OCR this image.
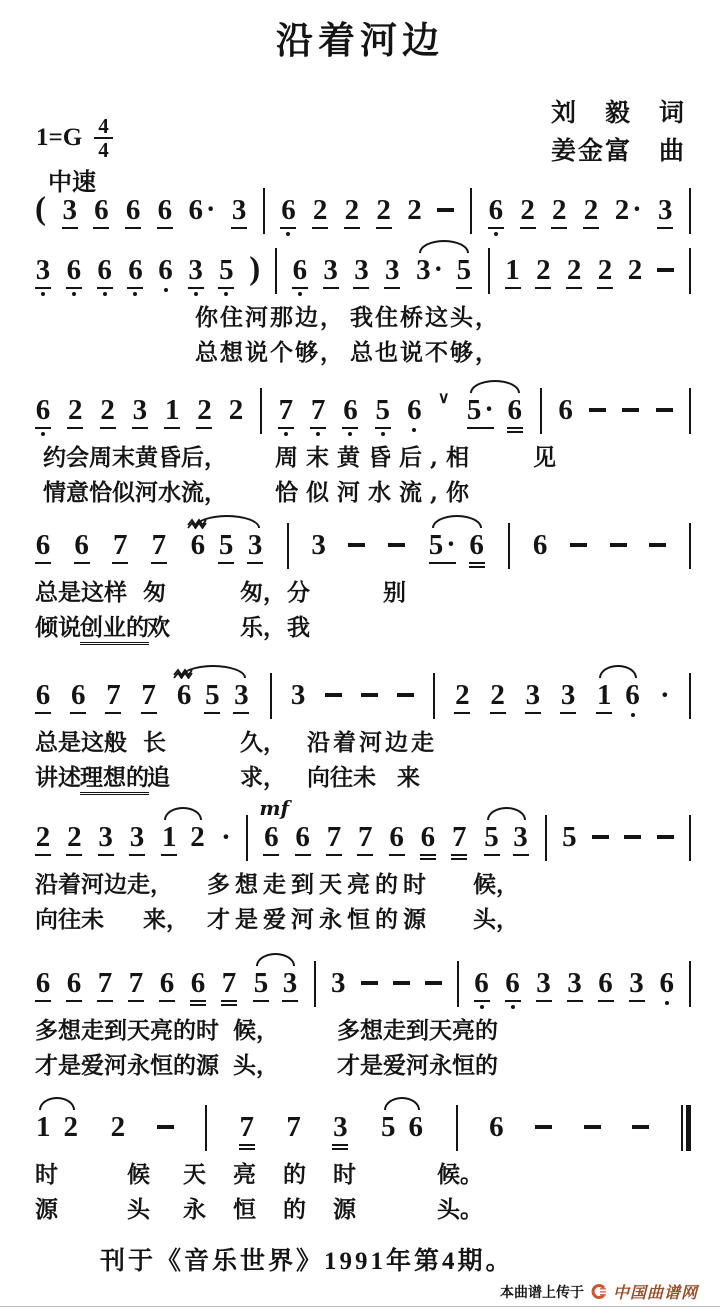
沿着河边
刘　毅　词
姜金富　曲
$1=G \frac{4}{4}$
中速
( 3 6 6 6 6 · 3 6 2 2 2 2 6 2 2 2 2 · 3
3 6 6 6 6 3 5 ) 6 3 3 3 3 · 5 1 2 2 2 2
你住河那边， 我住桥这头，
总想说个够， 总也说不够，
6 2 2 3 1 2 2 7 7 6 5 6 ∨ 5 · 6 6
约会周末黄昏后， 周末黄昏后,相 见
情意恰似河水流， 恰似河水流,你
6 6 7 7 6 5 3 3	5 · 6 6
总是这样 匆	匆， 分	别
倾说 创业的
欢	乐， 我
6 6 7 7 6 5 3 3	2 2 3 3 1 6 ·
总是这般 长	久， 沿着河边走
讲述 理想的
追	求， 向往未 来
2 2 3 3 1 2 ·
mf
6 6 7 7 6 6 7 5 3 5
沿着河边走， 多想走到天亮的时 候，
向往未 来， 才是爱河永恒的源 头，
6 6 7 7 6 6 7 5 3 3	6 6 3 3 6 3 6
多想走到天亮的时 候，	多想走到天亮的
才是爱河永恒的源 头，	才是爱河永恒的
1 2 2	7 7 3 5 6 6
时	候 天亮的时 候。
源	头 永恒的源 头。
刊于《音乐世界》1991年第4期。
本曲谱上传于 中国曲谱网
